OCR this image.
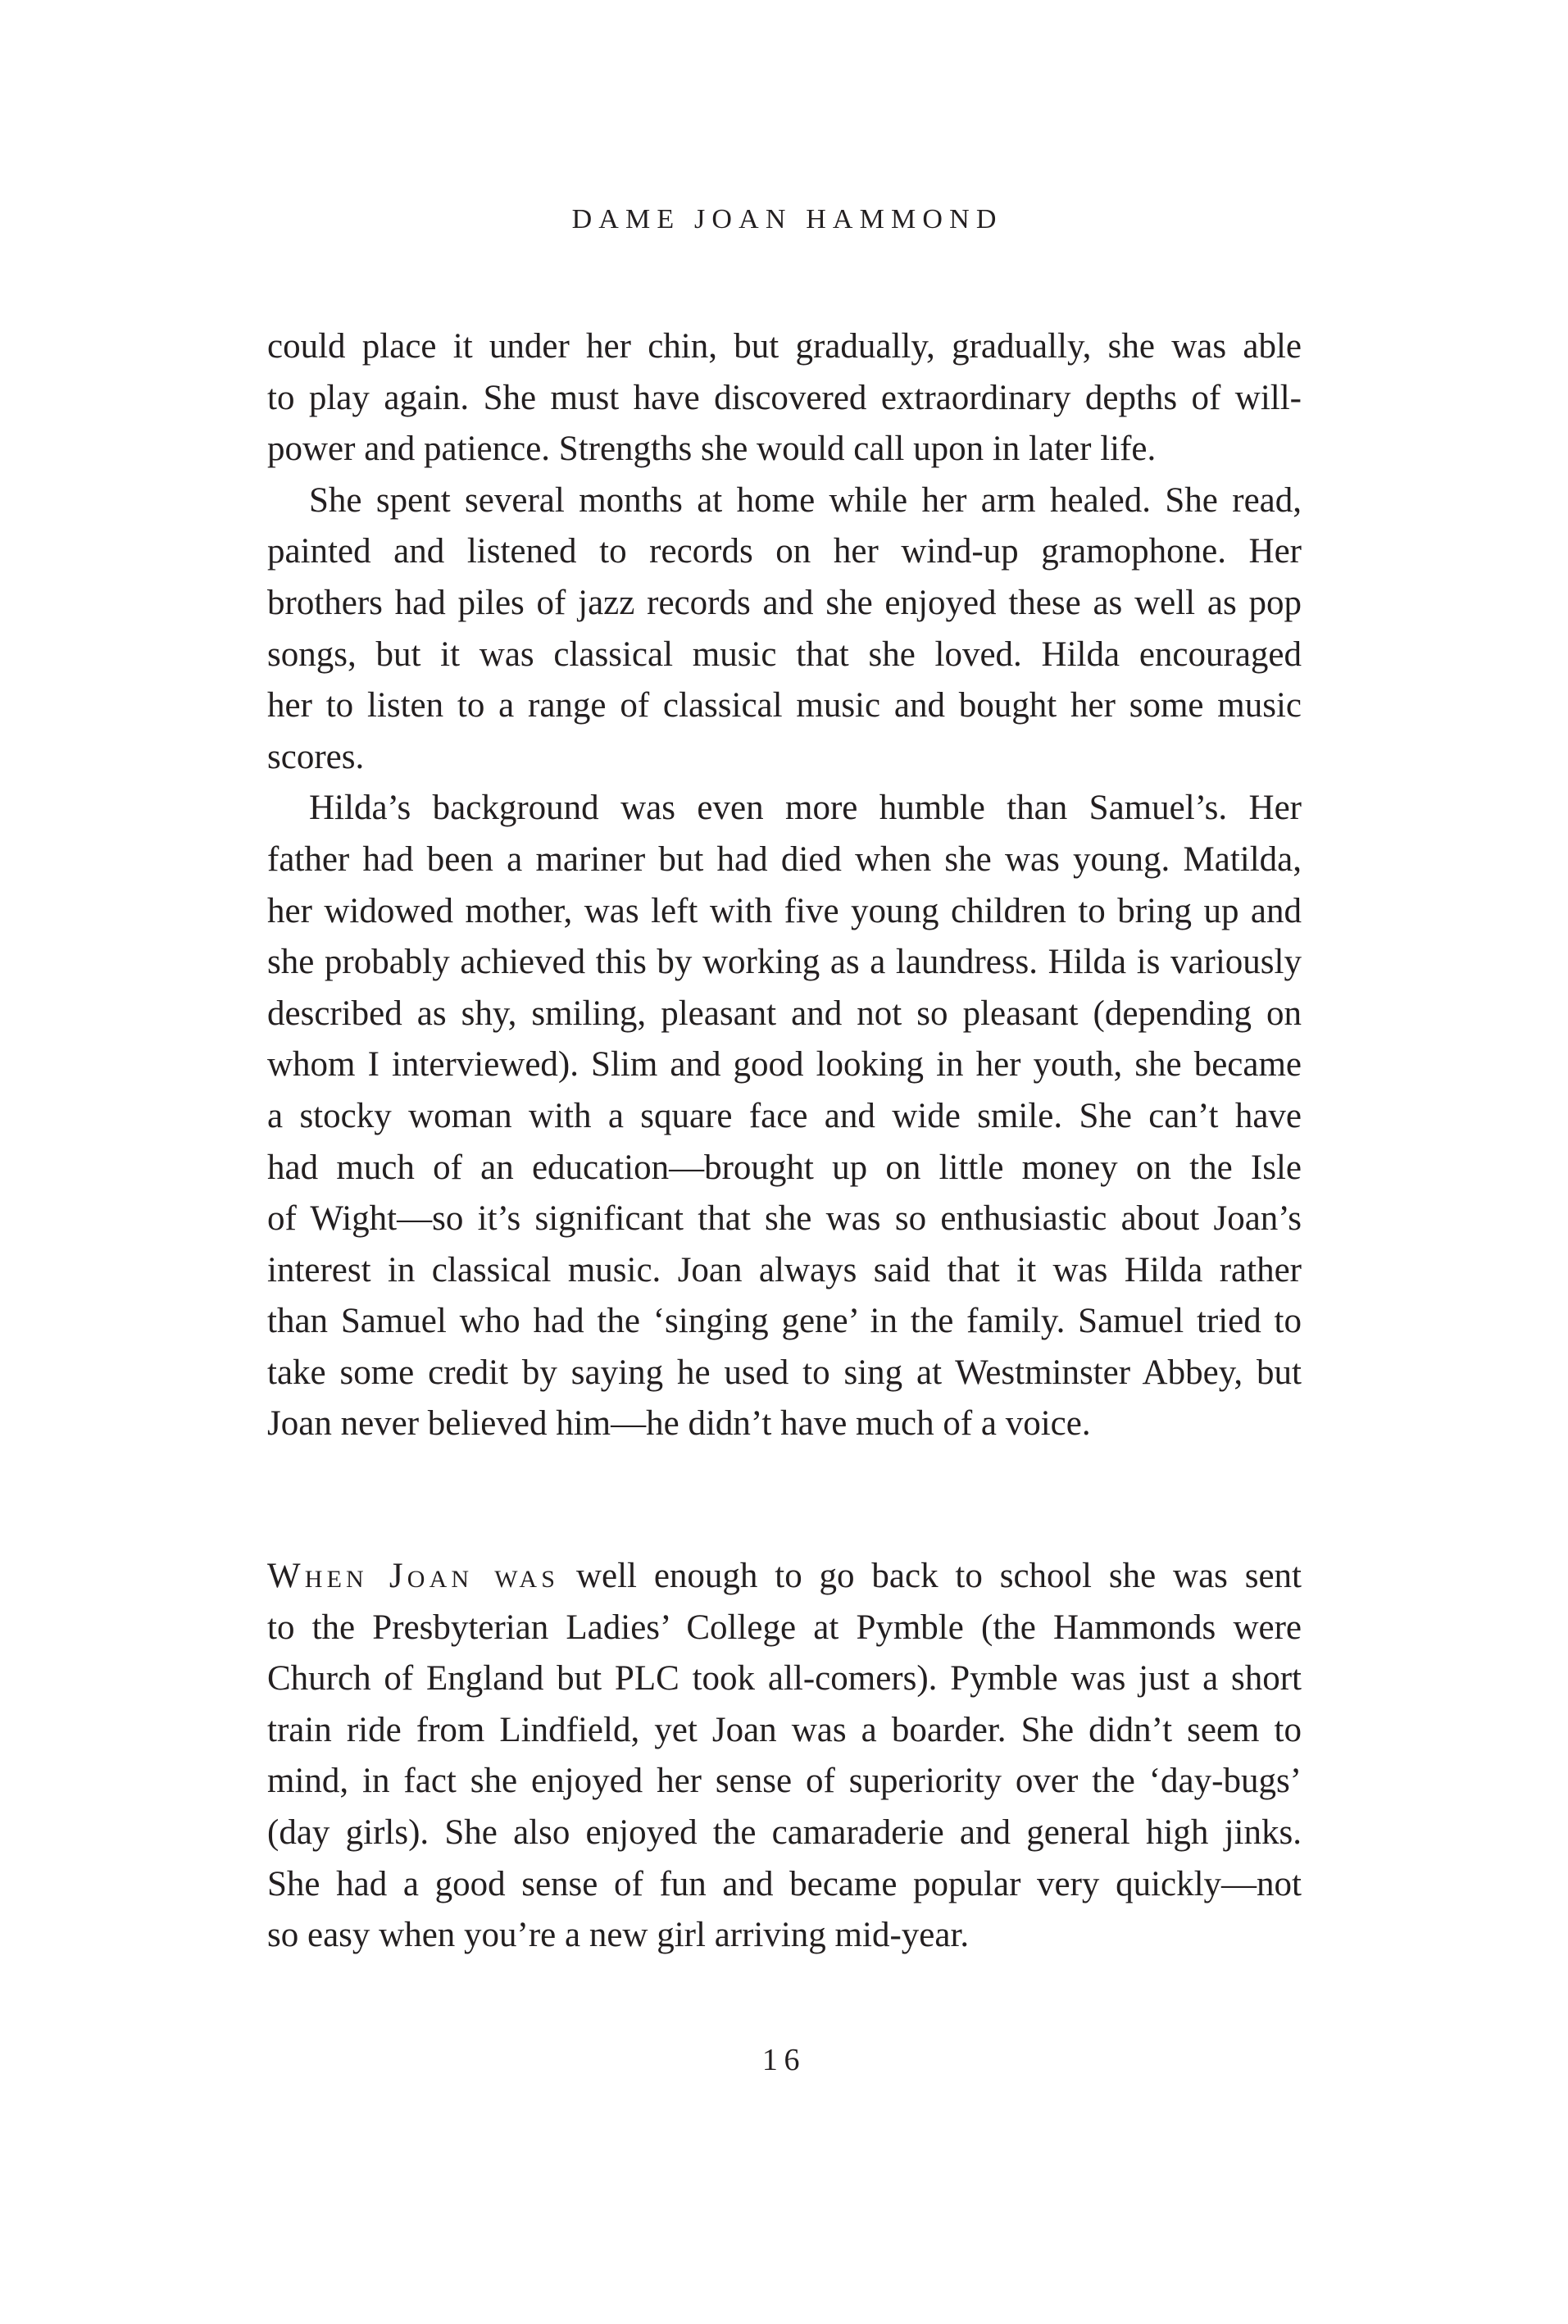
DAME JOAN HAMMOND
could place it under her chin, but gradually, gradually, she was able
to play again. She must have discovered extraordinary depths of will-
power and patience. Strengths she would call upon in later life.
She spent several months at home while her arm healed. She read,
painted and listened to records on her wind-up gramophone. Her
brothers had piles of jazz records and she enjoyed these as well as pop
songs, but it was classical music that she loved. Hilda encouraged
her to listen to a range of classical music and bought her some music
scores.
Hilda’s background was even more humble than Samuel’s. Her
father had been a mariner but had died when she was young. Matilda,
her widowed mother, was left with five young children to bring up and
she probably achieved this by working as a laundress. Hilda is variously
described as shy, smiling, pleasant and not so pleasant (depending on
whom I interviewed). Slim and good looking in her youth, she became
a stocky woman with a square face and wide smile. She can’t have
had much of an education—brought up on little money on the Isle
of Wight—so it’s significant that she was so enthusiastic about Joan’s
interest in classical music. Joan always said that it was Hilda rather
than Samuel who had the ‘singing gene’ in the family. Samuel tried to
take some credit by saying he used to sing at Westminster Abbey, but
Joan never believed him—he didn’t have much of a voice.
When Joan was well enough to go back to school she was sent
to the Presbyterian Ladies’ College at Pymble (the Hammonds were
Church of England but PLC took all-comers). Pymble was just a short
train ride from Lindfield, yet Joan was a boarder. She didn’t seem to
mind, in fact she enjoyed her sense of superiority over the ‘day-bugs’
(day girls). She also enjoyed the camaraderie and general high jinks.
She had a good sense of fun and became popular very quickly—not
so easy when you’re a new girl arriving mid-year.
16
